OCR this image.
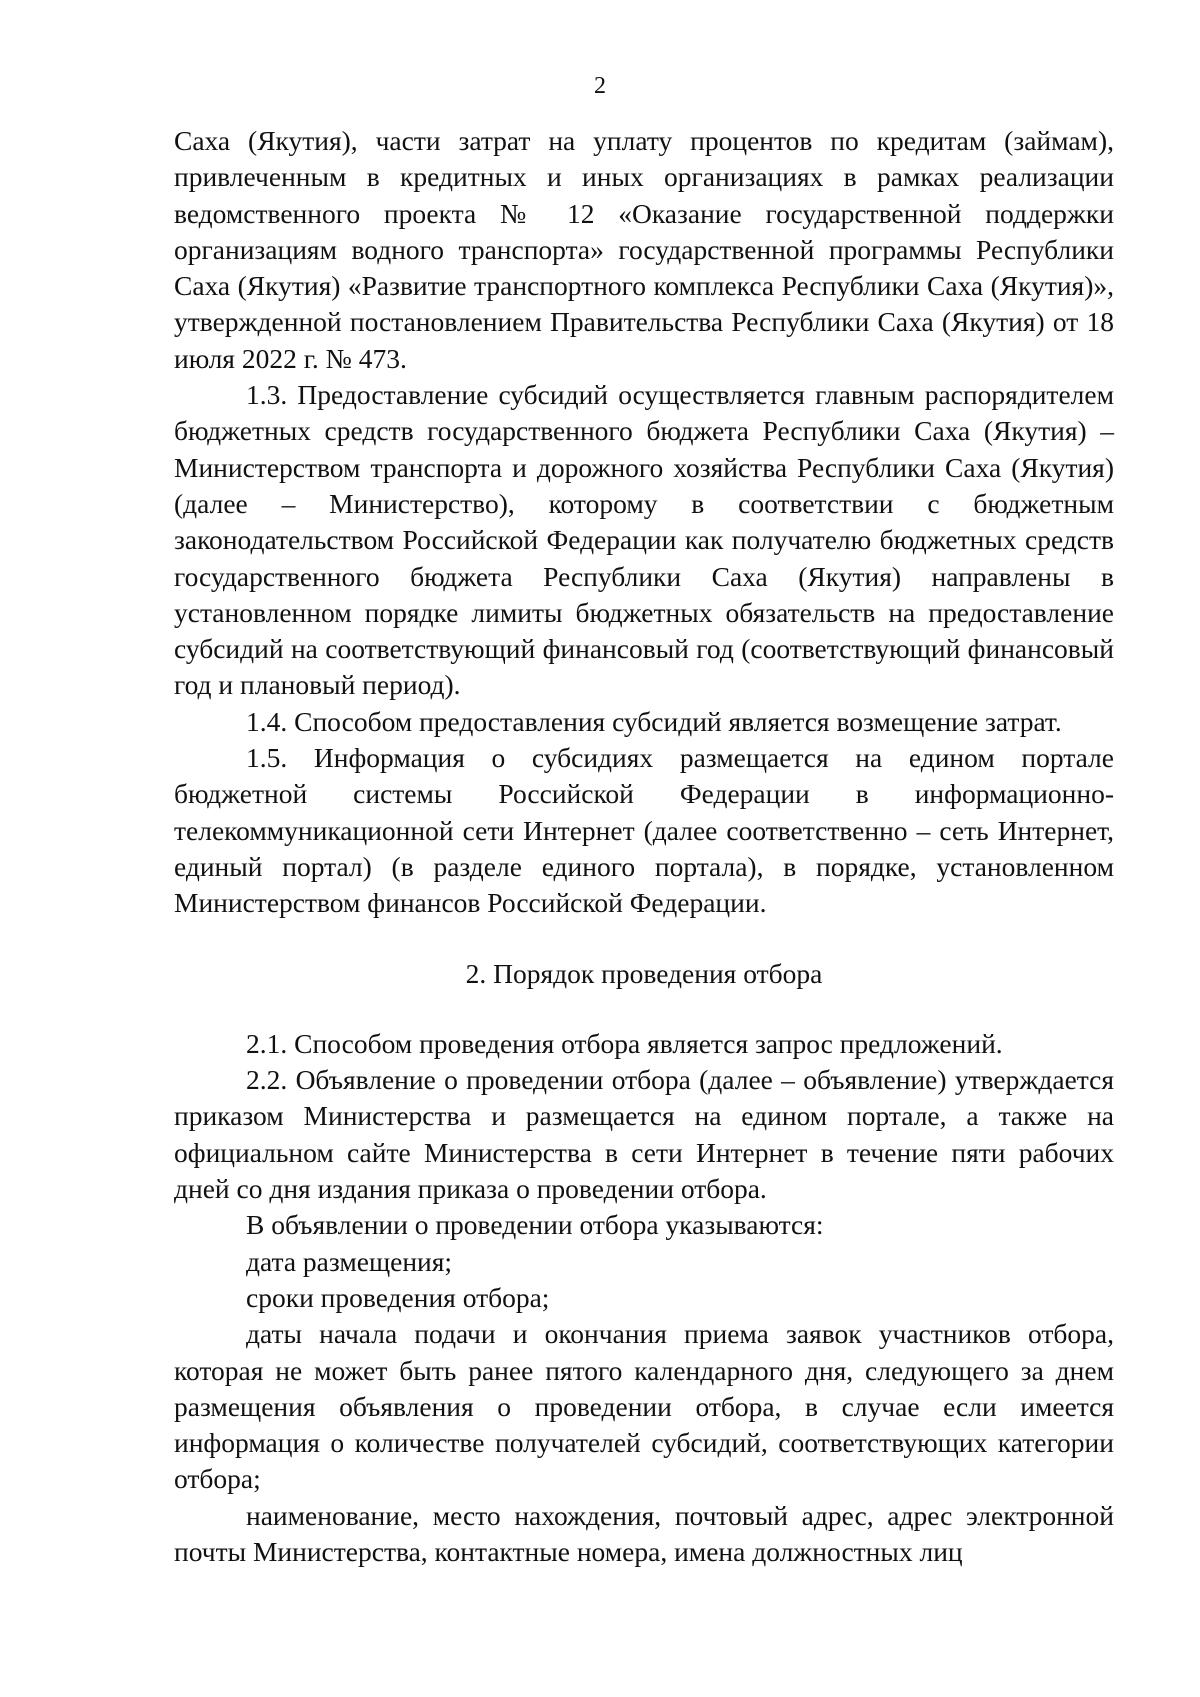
2

Саха (Якутия), части затрат на уплату процентов по кредитам (займам), привлеченным в кредитных и иных организациях в рамках реализации ведомственного проекта № 12 «Оказание государственной поддержки организациям водного транспорта» государственной программы Республики Саха (Якутия) «Развитие транспортного комплекса Республики Саха (Якутия)», утвержденной постановлением Правительства Республики Саха (Якутия) от 18 июля 2022 г. № 473.

1.3. Предоставление субсидий осуществляется главным распорядителем бюджетных средств государственного бюджета Республики Саха (Якутия) – Министерством транспорта и дорожного хозяйства Республики Саха (Якутия) (далее – Министерство), которому в соответствии с бюджетным законодательством Российской Федерации как получателю бюджетных средств государственного бюджета Республики Саха (Якутия) направлены в установленном порядке лимиты бюджетных обязательств на предоставление субсидий на соответствующий финансовый год (соответствующий финансовый год и плановый период).

1.4. Способом предоставления субсидий является возмещение затрат.

1.5. Информация о субсидиях размещается на едином портале бюджетной системы Российской Федерации в информационно-телекоммуникационной сети Интернет (далее соответственно – сеть Интернет, единый портал) (в разделе единого портала), в порядке, установленном Министерством финансов Российской Федерации.

2. Порядок проведения отбора

2.1. Способом проведения отбора является запрос предложений.

2.2. Объявление о проведении отбора (далее – объявление) утверждается приказом Министерства и размещается на едином портале, а также на официальном сайте Министерства в сети Интернет в течение пяти рабочих дней со дня издания приказа о проведении отбора.

В объявлении о проведении отбора указываются:

дата размещения;

сроки проведения отбора;

даты начала подачи и окончания приема заявок участников отбора, которая не может быть ранее пятого календарного дня, следующего за днем размещения объявления о проведении отбора, в случае если имеется информация о количестве получателей субсидий, соответствующих категории отбора;

наименование, место нахождения, почтовый адрес, адрес электронной почты Министерства, контактные номера, имена должностных лиц
